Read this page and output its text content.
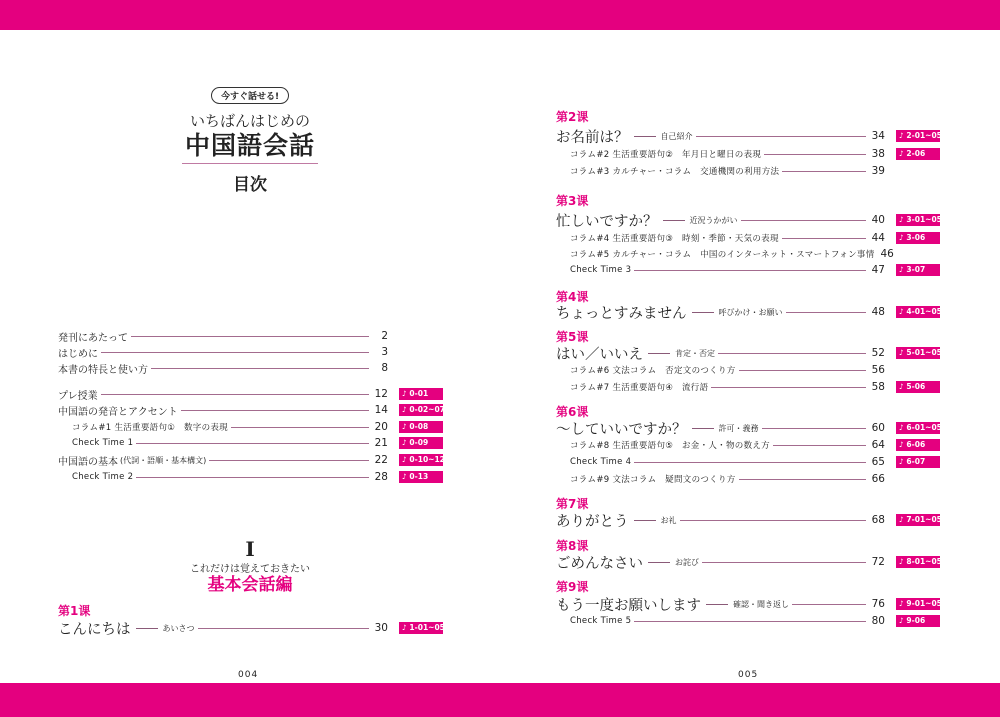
今すぐ話せる!
いちばんはじめの
中国語会話
目次
I
これだけは覚えておきたい
基本会話編
発刊にあたって	2
はじめに	3
本書の特長と使い方	8
プレ授業	12	♪ 0-01
中国語の発音とアクセント	14	♪ 0-02~07
コラム#1 生活重要語句①　数字の表現	20	♪ 0-08
Check Time 1	21	♪ 0-09
中国語の基本 (代詞・語順・基本構文)	22	♪ 0-10~12
Check Time 2	28	♪ 0-13
第1课
こんにちは	あいさつ	30	♪ 1-01~05
第2课
お名前は？	自己紹介	34	♪ 2-01~05
コラム#2 生活重要語句②　年月日と曜日の表現	38	♪ 2-06
コラム#3 カルチャー・コラム　交通機関の利用方法	39
第3课
忙しいですか？	近況うかがい	40	♪ 3-01~05
コラム#4 生活重要語句③　時刻・季節・天気の表現	44	♪ 3-06
コラム#5 カルチャー・コラム　中国のインターネット・スマートフォン事情 46
Check Time 3	47	♪ 3-07
第4课
ちょっとすみません	呼びかけ・お願い	48	♪ 4-01~05
第5课
はい／いいえ	肯定・否定	52	♪ 5-01~05
コラム#6 文法コラム　否定文のつくり方	56
コラム#7 生活重要語句④　流行語	58	♪ 5-06
第6课
～していいですか？	許可・義務	60	♪ 6-01~05
コラム#8 生活重要語句⑤　お金・人・物の数え方	64	♪ 6-06
Check Time 4	65	♪ 6-07
コラム#9 文法コラム　疑問文のつくり方	66
第7课
ありがとう	お礼	68	♪ 7-01~05
第8课
ごめんなさい	お詫び	72	♪ 8-01~05
第9课
もう一度お願いします	確認・聞き返し	76	♪ 9-01~05
Check Time 5	80	♪ 9-06
004	005
